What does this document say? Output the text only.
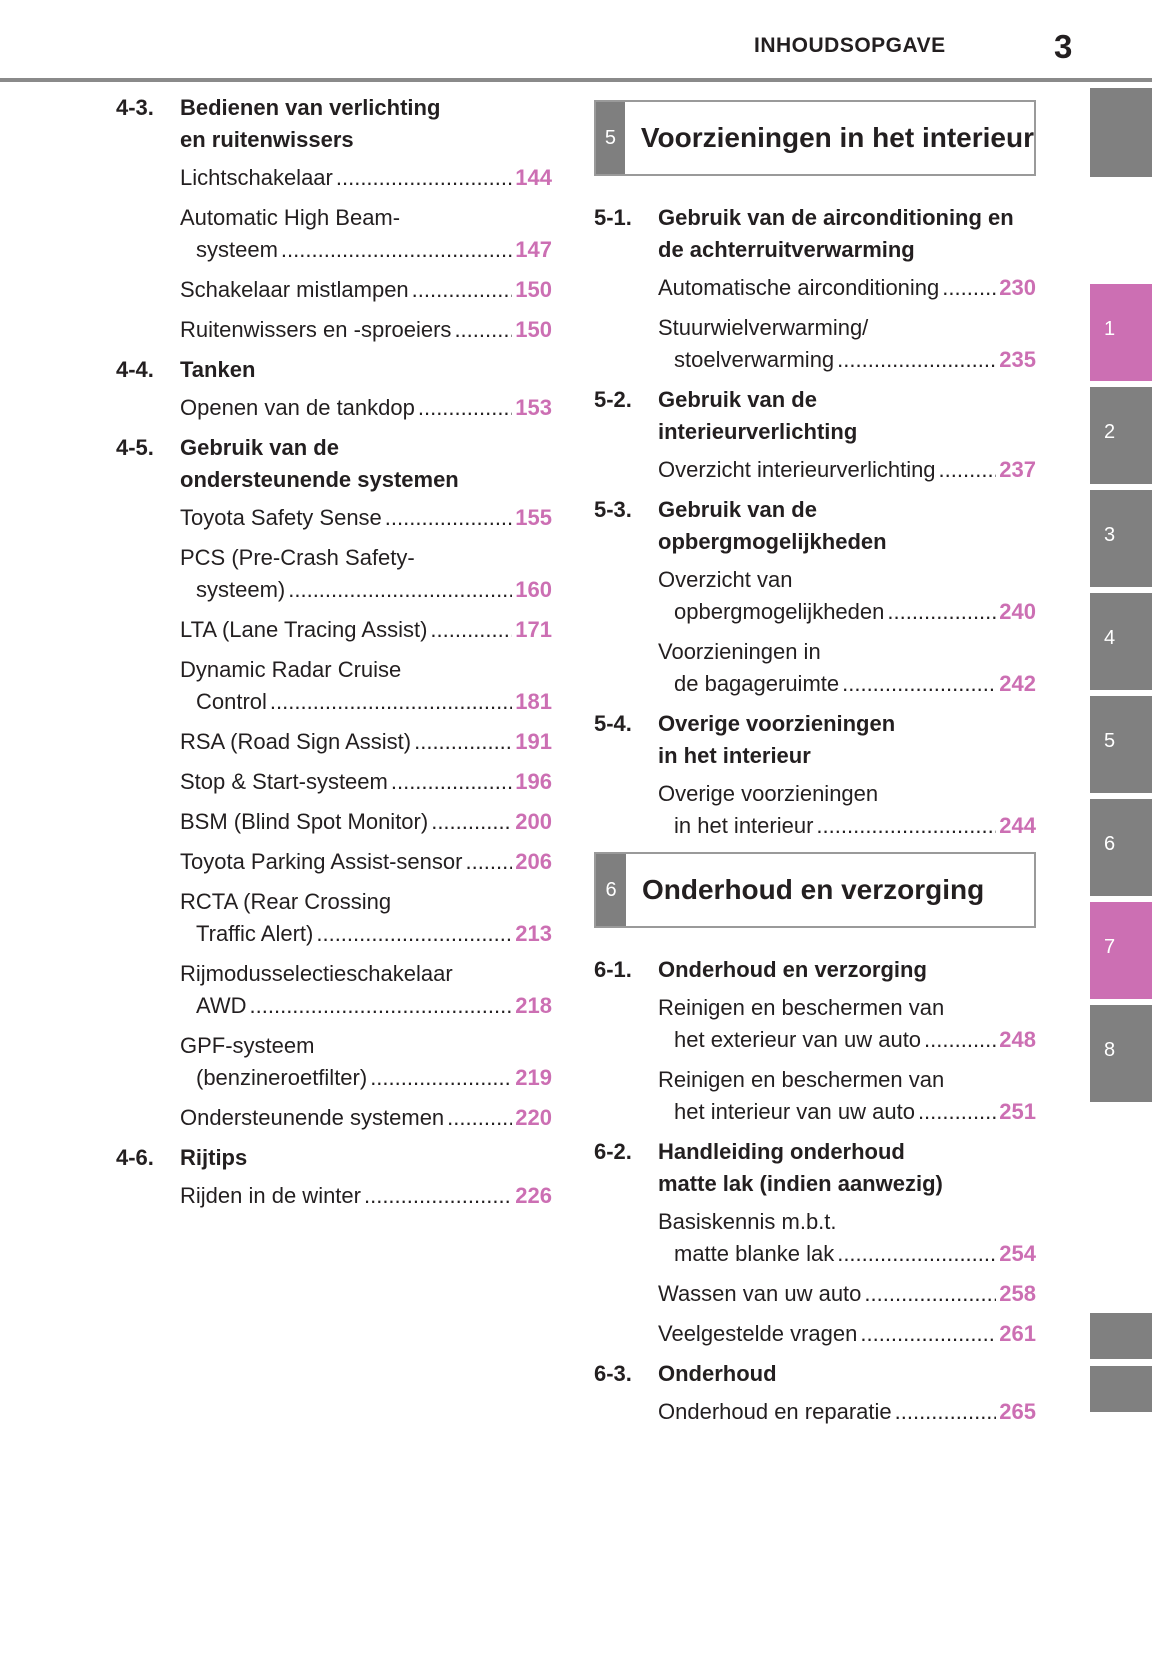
INHOUDSOPGAVE	3
4-3. Bedienen van verlichting
en ruitenwissers
Lichtschakelaar .....	144
Automatic High Beam-
systeem .....	147
Schakelaar mistlampen .....	150
Ruitenwissers en -sproeiers .....	150
4-4. Tanken
Openen van de tankdop .....	153
4-5. Gebruik van de
ondersteunende systemen
Toyota Safety Sense .....	155
PCS (Pre-Crash Safety-
systeem) .....	160
LTA (Lane Tracing Assist) .....	171
Dynamic Radar Cruise
Control .....	181
RSA (Road Sign Assist) .....	191
Stop & Start-systeem .....	196
BSM (Blind Spot Monitor) .....	200
Toyota Parking Assist-sensor ..... 206
RCTA (Rear Crossing
Traffic Alert) .....	213
Rijmodusselectieschakelaar
AWD .....	218
GPF-systeem
(benzineroetfilter) .....	219
Ondersteunende systemen .....	220
4-6. Rijtips
Rijden in de winter .....	226
5 Voorzieningen in het interieur
5-1. Gebruik van de airconditioning en
de achterruitverwarming
Automatische airconditioning .....	230
Stuurwielverwarming/
stoelverwarming .....	235
5-2. Gebruik van de
interieurverlichting
Overzicht interieurverlichting .....	237
5-3. Gebruik van de
opbergmogelijkheden
Overzicht van
opbergmogelijkheden .....	240
Voorzieningen in
de bagageruimte .....	242
5-4. Overige voorzieningen
in het interieur
Overige voorzieningen
in het interieur .....	244
6 Onderhoud en verzorging
6-1. Onderhoud en verzorging
Reinigen en beschermen van
het exterieur van uw auto .....	248
Reinigen en beschermen van
het interieur van uw auto .....	251
6-2. Handleiding onderhoud
matte lak (indien aanwezig)
Basiskennis m.b.t.
matte blanke lak .....	254
Wassen van uw auto .....	258
Veelgestelde vragen .....	261
6-3. Onderhoud
Onderhoud en reparatie .....	265
1
2
3
4
5
6
7
8
